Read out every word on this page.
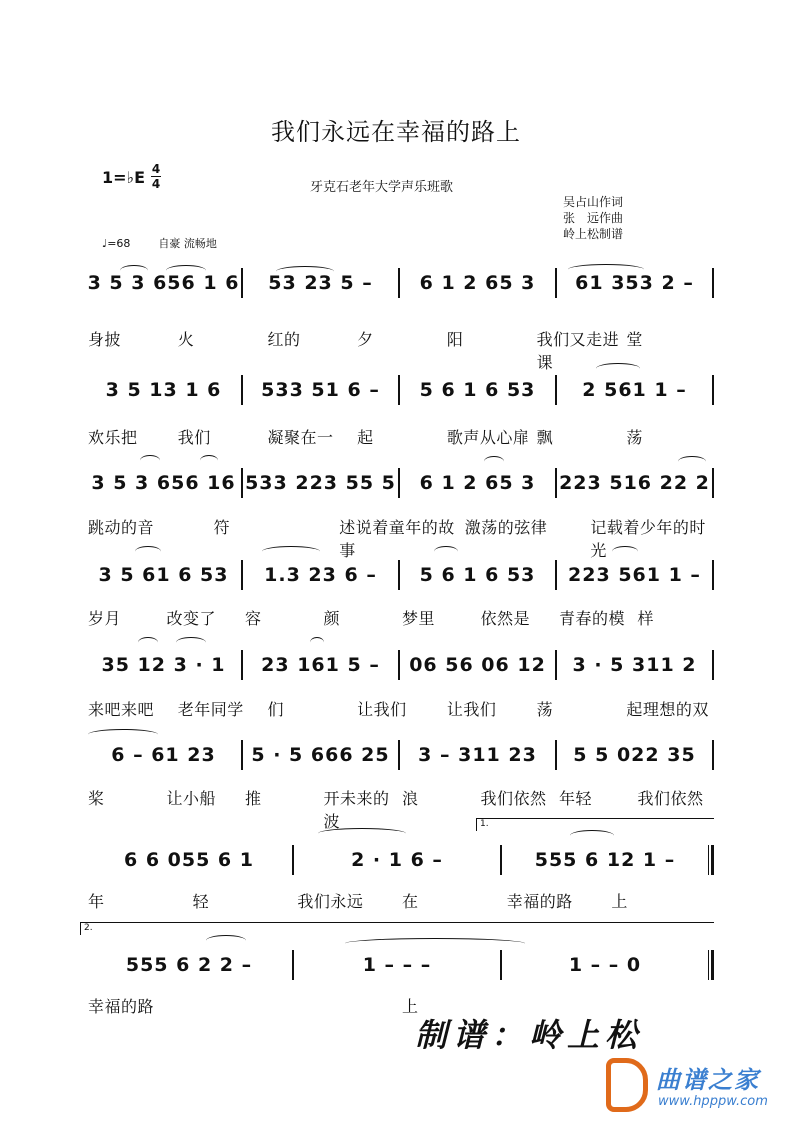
我们永远在幸福的路上
1=♭E 4
4	牙克石老年大学声乐班歌
吴占山作词
张　远作曲
岭上松制谱
♩=68	自豪 流畅地
3 5 3 656 1 6	53 23 5 –	6 1 2 65 3	61 353 2 –
身披	火	红的	夕	阳	我们又走进课
堂
3 5 13 1 6	533 51 6 –	5 6 1 6 53	2 561 1 –
欢乐把	我们	凝聚在一	起	歌声从心扉 飘	荡
3 5 3 656 16 533 223 55 5	6 1 2 65 3	223 516 22 2
跳动的音	符	述说着童年的故事
激荡的弦律	记载着少年的时光
3 5 61 6 53	1.3 23 6 –	5 6 1 6 53	223 561 1 –
岁月	改变了	容	颜	梦里	依然是	青春的模 样
35 12 3 · 1	23 161 5 –	06 56 06 12	3 · 5 311 2
来吧来吧	老年同学	们	让我们	让我们	荡	起理想的双
6 – 61 23	5 · 5 666 25	3 – 311 23	5 5 022 35
桨	让小船	推	开未来的波
浪	我们依然 年轻	我们依然
6 6 055 6 1	2 · 1 6 –	555 6 12 1 –
年	轻	我们永远	在	幸福的路	上
555 6 2 2 –	1 – – –	1 – – 0
幸福的路	上
1.
2.
制谱：岭上松
曲谱之家
www.hpppw.com
